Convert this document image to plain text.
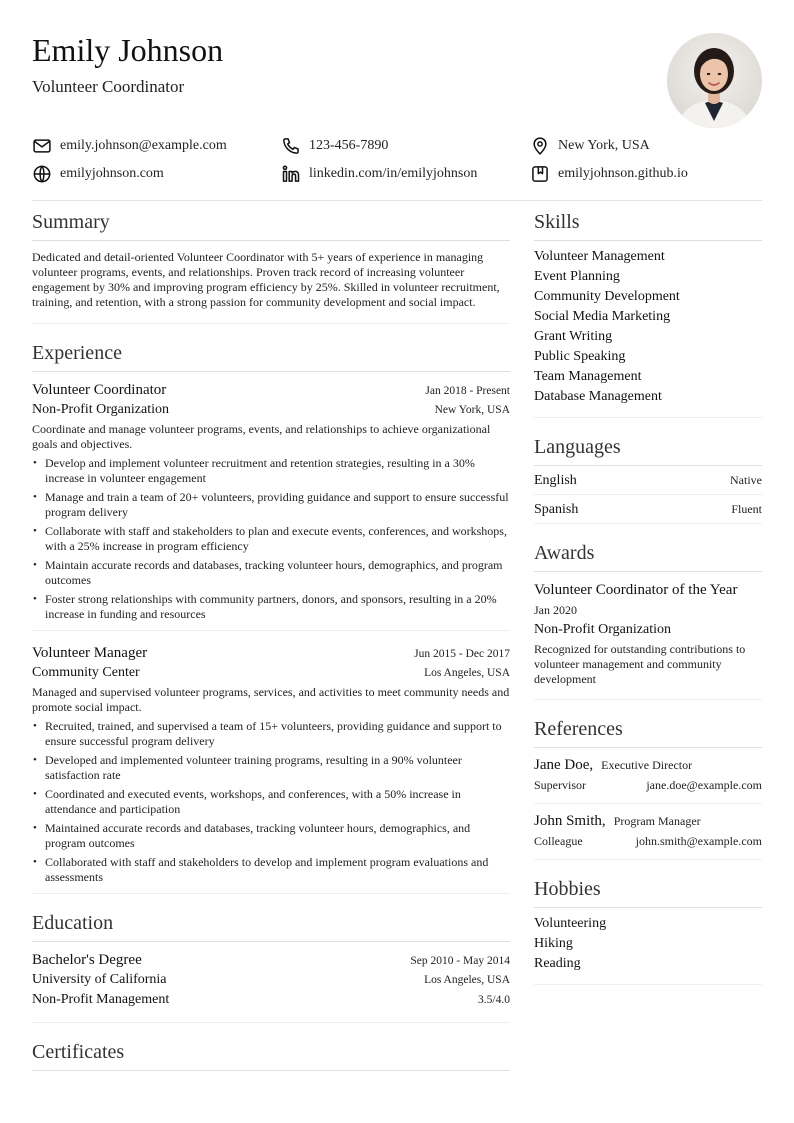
Emily Johnson
Volunteer Coordinator
emily.johnson@example.com	123-456-7890	New York, USA
emilyjohnson.com	linkedin.com/in/emilyjohnson	emilyjohnson.github.io
Summary
Dedicated and detail-oriented Volunteer Coordinator with 5+ years of experience in managing volunteer programs, events, and relationships. Proven track record of increasing volunteer engagement by 30% and improving program efficiency by 25%. Skilled in volunteer recruitment, training, and retention, with a strong passion for community development and social impact.
Experience
Volunteer Coordinator	Jan 2018 - Present
Non-Profit Organization	New York, USA
Coordinate and manage volunteer programs, events, and relationships to achieve organizational goals and objectives.
• Develop and implement volunteer recruitment and retention strategies, resulting in a 30% increase in volunteer engagement
• Manage and train a team of 20+ volunteers, providing guidance and support to ensure successful program delivery
• Collaborate with staff and stakeholders to plan and execute events, conferences, and workshops, with a 25% increase in program efficiency
• Maintain accurate records and databases, tracking volunteer hours, demographics, and program outcomes
• Foster strong relationships with community partners, donors, and sponsors, resulting in a 20% increase in funding and resources
Volunteer Manager	Jun 2015 - Dec 2017
Community Center	Los Angeles, USA
Managed and supervised volunteer programs, services, and activities to meet community needs and promote social impact.
• Recruited, trained, and supervised a team of 15+ volunteers, providing guidance and support to ensure successful program delivery
• Developed and implemented volunteer training programs, resulting in a 90% volunteer satisfaction rate
• Coordinated and executed events, workshops, and conferences, with a 50% increase in attendance and participation
• Maintained accurate records and databases, tracking volunteer hours, demographics, and program outcomes
• Collaborated with staff and stakeholders to develop and implement program evaluations and assessments
Education
Bachelor's Degree	Sep 2010 - May 2014
University of California	Los Angeles, USA
Non-Profit Management	3.5/4.0
Certificates
Skills
Volunteer Management
Event Planning
Community Development
Social Media Marketing
Grant Writing
Public Speaking
Team Management
Database Management
Languages
English	Native
Spanish	Fluent
Awards
Volunteer Coordinator of the Year
Jan 2020
Non-Profit Organization
Recognized for outstanding contributions to volunteer management and community development
References
Jane Doe, Executive Director
Supervisor	jane.doe@example.com
John Smith, Program Manager
Colleague	john.smith@example.com
Hobbies
Volunteering
Hiking
Reading
